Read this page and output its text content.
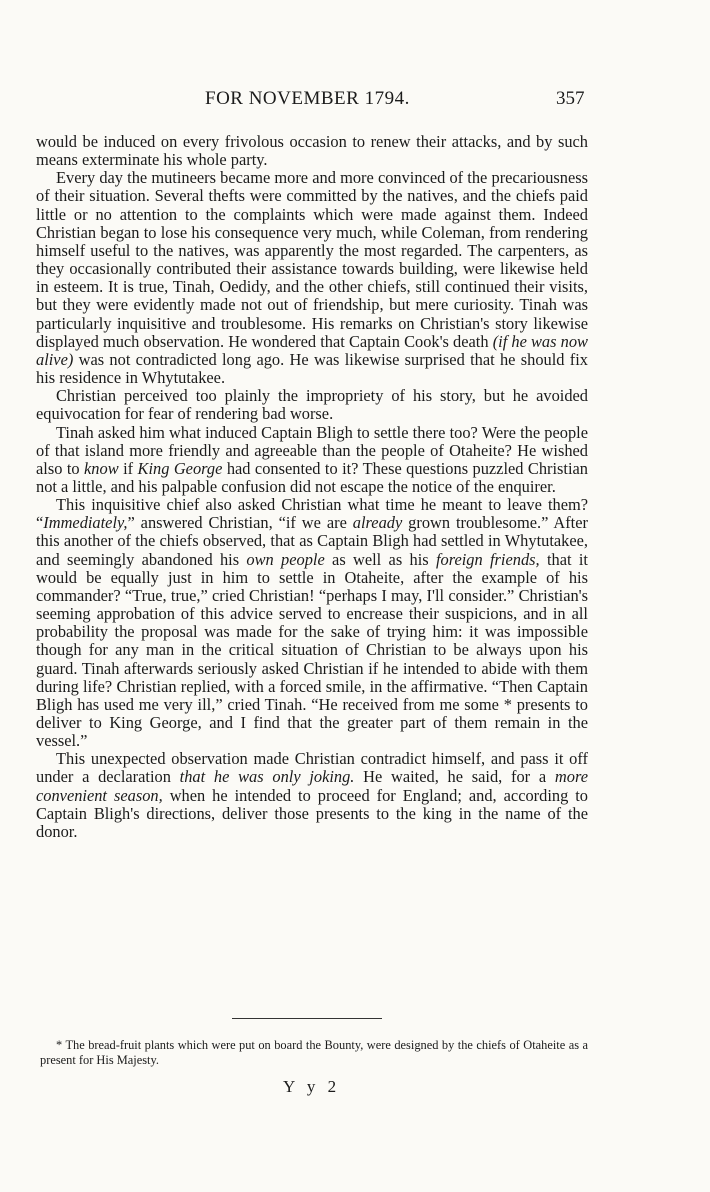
FOR NOVEMBER 1794.	357

would be induced on every frivolous occasion to renew their attacks, and by such means exterminate his whole party.

Every day the mutineers became more and more convinced of the precariousness of their situation. Several thefts were committed by the natives, and the chiefs paid little or no attention to the complaints which were made against them. Indeed Christian began to lose his consequence very much, while Coleman, from rendering himself useful to the natives, was apparently the most regarded. The carpenters, as they occasionally contributed their assistance towards building, were likewise held in esteem. It is true, Tinah, Oedidy, and the other chiefs, still continued their visits, but they were evidently made not out of friendship, but mere curiosity. Tinah was particularly inquisitive and troublesome. His remarks on Christian's story likewise displayed much observation. He wondered that Captain Cook's death (if he was now alive) was not contradicted long ago. He was likewise surprised that he should fix his residence in Whytutakee.

Christian perceived too plainly the impropriety of his story, but he avoided equivocation for fear of rendering bad worse.

Tinah asked him what induced Captain Bligh to settle there too? Were the people of that island more friendly and agreeable than the people of Otaheite? He wished also to know if King George had consented to it? These questions puzzled Christian not a little, and his palpable confusion did not escape the notice of the enquirer.

This inquisitive chief also asked Christian what time he meant to leave them? “Immediately,” answered Christian, “if we are already grown troublesome.” After this another of the chiefs observed, that as Captain Bligh had settled in Whytutakee, and seemingly abandoned his own people as well as his foreign friends, that it would be equally just in him to settle in Otaheite, after the example of his commander? “True, true,” cried Christian! “perhaps I may, I'll consider.” Christian's seeming approbation of this advice served to encrease their suspicions, and in all probability the proposal was made for the sake of trying him: it was impossible though for any man in the critical situation of Christian to be always upon his guard. Tinah afterwards seriously asked Christian if he intended to abide with them during life? Christian replied, with a forced smile, in the affirmative. “Then Captain Bligh has used me very ill,” cried Tinah. “He received from me some * presents to deliver to King George, and I find that the greater part of them remain in the vessel.”

This unexpected observation made Christian contradict himself, and pass it off under a declaration that he was only joking. He waited, he said, for a more convenient season, when he intended to proceed for England; and, according to Captain Bligh's directions, deliver those presents to the king in the name of the donor.

* The bread-fruit plants which were put on board the Bounty, were designed by the chiefs of Otaheite as a present for His Majesty.
Y y 2
